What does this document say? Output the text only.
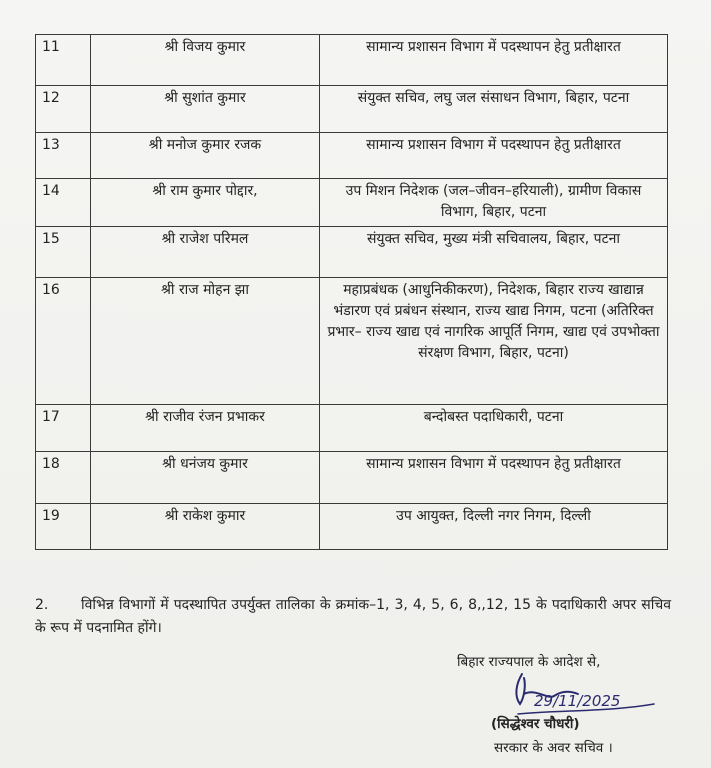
11	श्री विजय कुमार	सामान्य प्रशासन विभाग में पदस्थापन हेतु प्रतीक्षारत
12	श्री सुशांत कुमार	संयुक्त सचिव, लघु जल संसाधन विभाग, बिहार, पटना
13	श्री मनोज कुमार रजक	सामान्य प्रशासन विभाग में पदस्थापन हेतु प्रतीक्षारत
14	श्री राम कुमार पोद्दार,	उप मिशन निदेशक (जल–जीवन–हरियाली), ग्रामीण विकास विभाग, बिहार, पटना
15	श्री राजेश परिमल	संयुक्त सचिव, मुख्य मंत्री सचिवालय, बिहार, पटना
16	श्री राज मोहन झा	महाप्रबंधक (आधुनिकीकरण), निदेशक, बिहार राज्य खाद्यान्न भंडारण एवं प्रबंधन संस्थान, राज्य खाद्य निगम, पटना (अतिरिक्त प्रभार– राज्य खाद्य एवं नागरिक आपूर्ति निगम, खाद्य एवं उपभोक्ता संरक्षण विभाग, बिहार, पटना)
17	श्री राजीव रंजन प्रभाकर	बन्दोबस्त पदाधिकारी, पटना
18	श्री धनंजय कुमार	सामान्य प्रशासन विभाग में पदस्थापन हेतु प्रतीक्षारत
19	श्री राकेश कुमार	उप आयुक्त, दिल्ली नगर निगम, दिल्ली
2. विभिन्न विभागों में पदस्थापित उपर्युक्त तालिका के क्रमांक–1, 3, 4, 5, 6, 8,,12, 15 के पदाधिकारी अपर सचिव के रूप में पदनामित होंगे।
बिहार राज्यपाल के आदेश से,
29/11/2025
(सिद्धेश्वर चौधरी)
सरकार के अवर सचिव ।
